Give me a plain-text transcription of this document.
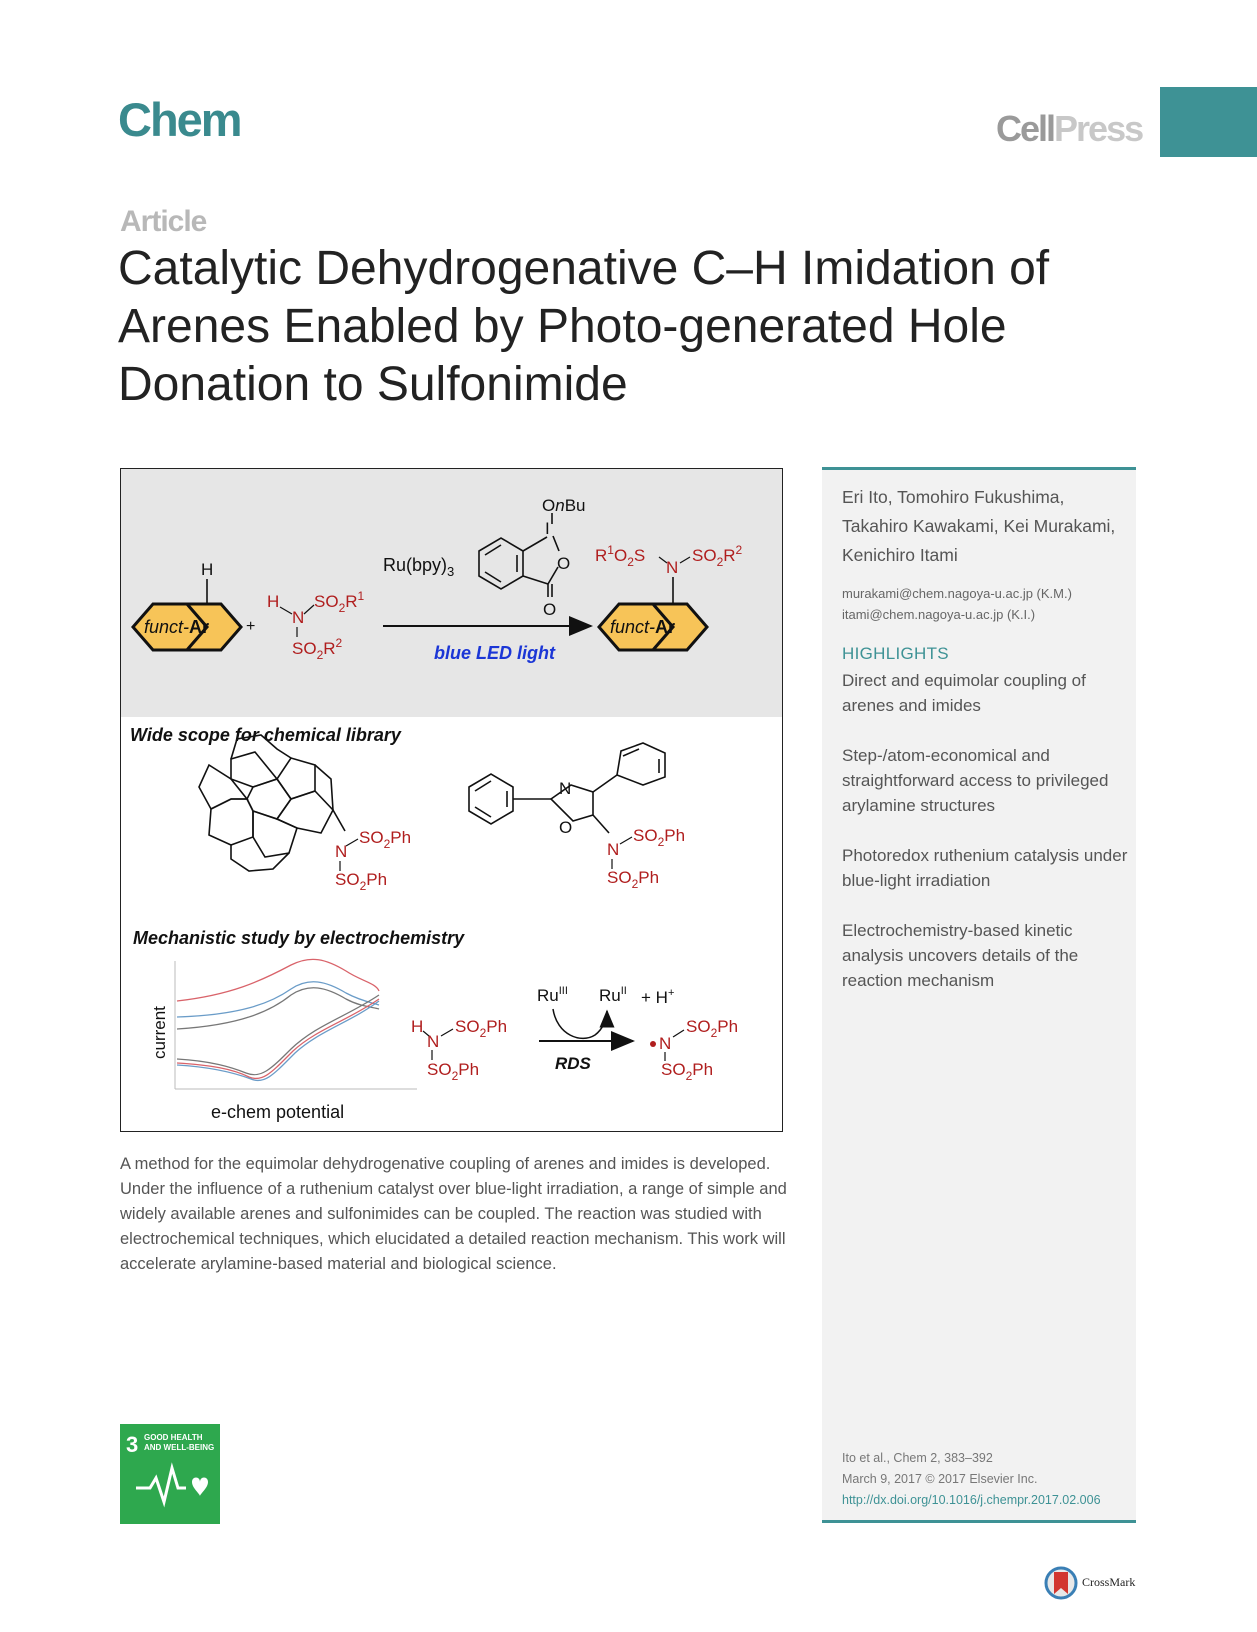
Chem	CellPress
Article
Catalytic Dehydrogenative C–H Imidation of Arenes Enabled by Photo-generated Hole Donation to Sulfonimide
H
funct-Ar +
H
N
$SO_2R^1$
$SO_2R^2$
$Ru(bpy)_3$
blue LED light
I
OnBu
O
O
funct-Ar
N
$R^1O_2S$	$SO_2R^2$
Wide scope for chemical library
N
$SO_2Ph$
$SO_2Ph$
N
O
N
$SO_2Ph$
$SO_2Ph$
Mechanistic study by electrochemistry
current
e-chem potential
H
N
$SO_2Ph$
$SO_2Ph$
$Ru^{III}$ $Ru^{II} + H^+$
RDS
N
$SO_2Ph$
$SO_2Ph$
A method for the equimolar dehydrogenative coupling of arenes and imides is developed. Under the influence of a ruthenium catalyst over blue-light irradiation, a range of simple and widely available arenes and sulfonimides can be coupled. The reaction was studied with electrochemical techniques, which elucidated a detailed reaction mechanism. This work will accelerate arylamine-based material and biological science.
Eri Ito, Tomohiro Fukushima, Takahiro Kawakami, Kei Murakami, Kenichiro Itami
murakami@chem.nagoya-u.ac.jp (K.M.)
itami@chem.nagoya-u.ac.jp (K.I.)
HIGHLIGHTS
Direct and equimolar coupling of arenes and imides
Step-/atom-economical and straightforward access to privileged arylamine structures
Photoredox ruthenium catalysis under blue-light irradiation
Electrochemistry-based kinetic analysis uncovers details of the reaction mechanism
Ito et al., Chem 2, 383–392
March 9, 2017 © 2017 Elsevier Inc.
http://dx.doi.org/10.1016/j.chempr.2017.02.006
3 GOOD HEALTH
AND WELL-BEING
CrossMark
